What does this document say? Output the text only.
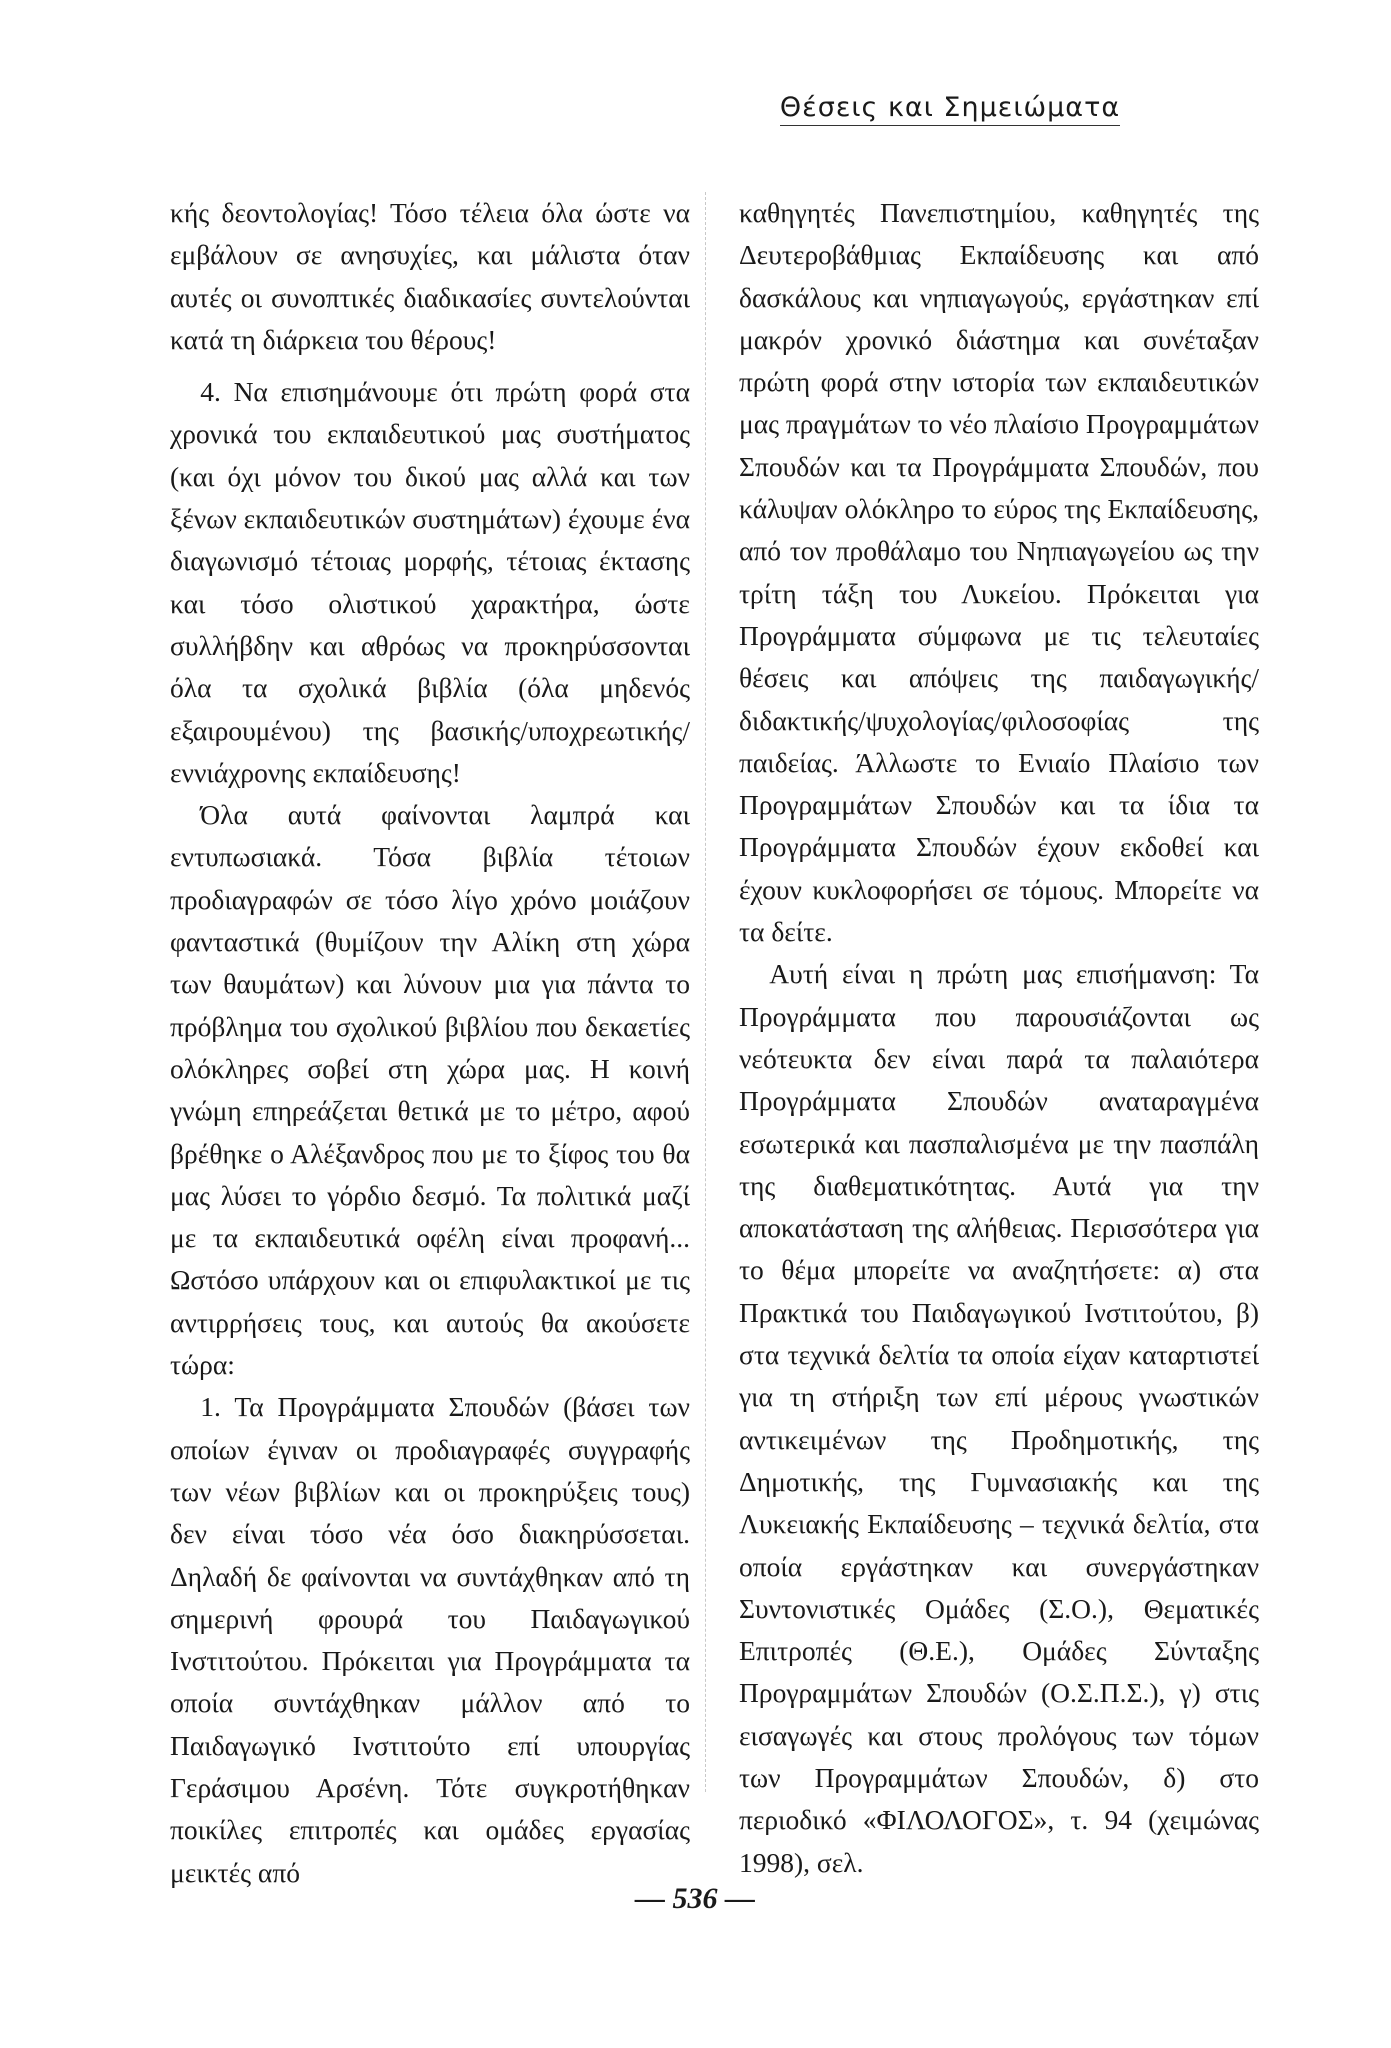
Θέσεις και Σημειώματα

κής δεοντολογίας! Τόσο τέλεια όλα ώστε να εμβάλουν σε ανησυχίες, και μάλιστα όταν αυτές οι συνοπτικές διαδικασίες συντελούνται κατά τη διάρκεια του θέρους!

4. Να επισημάνουμε ότι πρώτη φορά στα χρονικά του εκπαιδευτικού μας συστήματος (και όχι μόνον του δικού μας αλλά και των ξένων εκπαιδευτικών συστημάτων) έχουμε ένα διαγωνισμό τέτοιας μορφής, τέτοιας έκτασης και τόσο ολιστικού χαρακτήρα, ώστε συλλήβδην και αθρόως να προκηρύσσονται όλα τα σχολικά βιβλία (όλα μηδενός εξαιρουμένου) της βασικής/υποχρεωτικής/εννιάχρονης εκπαίδευσης!

Όλα αυτά φαίνονται λαμπρά και εντυπωσιακά. Τόσα βιβλία τέτοιων προδιαγραφών σε τόσο λίγο χρόνο μοιάζουν φανταστικά (θυμίζουν την Αλίκη στη χώρα των θαυμάτων) και λύνουν μια για πάντα το πρόβλημα του σχολικού βιβλίου που δεκαετίες ολόκληρες σοβεί στη χώρα μας. Η κοινή γνώμη επηρεάζεται θετικά με το μέτρο, αφού βρέθηκε ο Αλέξανδρος που με το ξίφος του θα μας λύσει το γόρδιο δεσμό. Τα πολιτικά μαζί με τα εκπαιδευτικά οφέλη είναι προφανή... Ωστόσο υπάρχουν και οι επιφυλακτικοί με τις αντιρρήσεις τους, και αυτούς θα ακούσετε τώρα:

1. Τα Προγράμματα Σπουδών (βάσει των οποίων έγιναν οι προδιαγραφές συγγραφής των νέων βιβλίων και οι προκηρύξεις τους) δεν είναι τόσο νέα όσο διακηρύσσεται. Δηλαδή δε φαίνονται να συντάχθηκαν από τη σημερινή φρουρά του Παιδαγωγικού Ινστιτούτου. Πρόκειται για Προγράμματα τα οποία συντάχθηκαν μάλλον από το Παιδαγωγικό Ινστιτούτο επί υπουργίας Γεράσιμου Αρσένη. Τότε συγκροτήθηκαν ποικίλες επιτροπές και ομάδες εργασίας μεικτές από

καθηγητές Πανεπιστημίου, καθηγητές της Δευτεροβάθμιας Εκπαίδευσης και από δασκάλους και νηπιαγωγούς, εργάστηκαν επί μακρόν χρονικό διάστημα και συνέταξαν πρώτη φορά στην ιστορία των εκπαιδευτικών μας πραγμάτων το νέο πλαίσιο Προγραμμάτων Σπουδών και τα Προγράμματα Σπουδών, που κάλυψαν ολόκληρο το εύρος της Εκπαίδευσης, από τον προθάλαμο του Νηπιαγωγείου ως την τρίτη τάξη του Λυκείου. Πρόκειται για Προγράμματα σύμφωνα με τις τελευταίες θέσεις και απόψεις της παιδαγωγικής/διδακτικής/ψυχολογίας/φιλοσοφίας της παιδείας. Άλλωστε το Ενιαίο Πλαίσιο των Προγραμμάτων Σπουδών και τα ίδια τα Προγράμματα Σπουδών έχουν εκδοθεί και έχουν κυκλοφορήσει σε τόμους. Μπορείτε να τα δείτε.

Αυτή είναι η πρώτη μας επισήμανση: Τα Προγράμματα που παρουσιάζονται ως νεότευκτα δεν είναι παρά τα παλαιότερα Προγράμματα Σπουδών αναταραγμένα εσωτερικά και πασπαλισμένα με την πασπάλη της διαθεματικότητας. Αυτά για την αποκατάσταση της αλήθειας. Περισσότερα για το θέμα μπορείτε να αναζητήσετε: α) στα Πρακτικά του Παιδαγωγικού Ινστιτούτου, β) στα τεχνικά δελτία τα οποία είχαν καταρτιστεί για τη στήριξη των επί μέρους γνωστικών αντικειμένων της Προδημοτικής, της Δημοτικής, της Γυμνασιακής και της Λυκειακής Εκπαίδευσης – τεχνικά δελτία, στα οποία εργάστηκαν και συνεργάστηκαν Συντονιστικές Ομάδες (Σ.Ο.), Θεματικές Επιτροπές (Θ.Ε.), Ομάδες Σύνταξης Προγραμμάτων Σπουδών (Ο.Σ.Π.Σ.), γ) στις εισαγωγές και στους προλόγους των τόμων των Προγραμμάτων Σπουδών, δ) στο περιοδικό «ΦΙΛΟΛΟΓΟΣ», τ. 94 (χειμώνας 1998), σελ.

— 536 —
